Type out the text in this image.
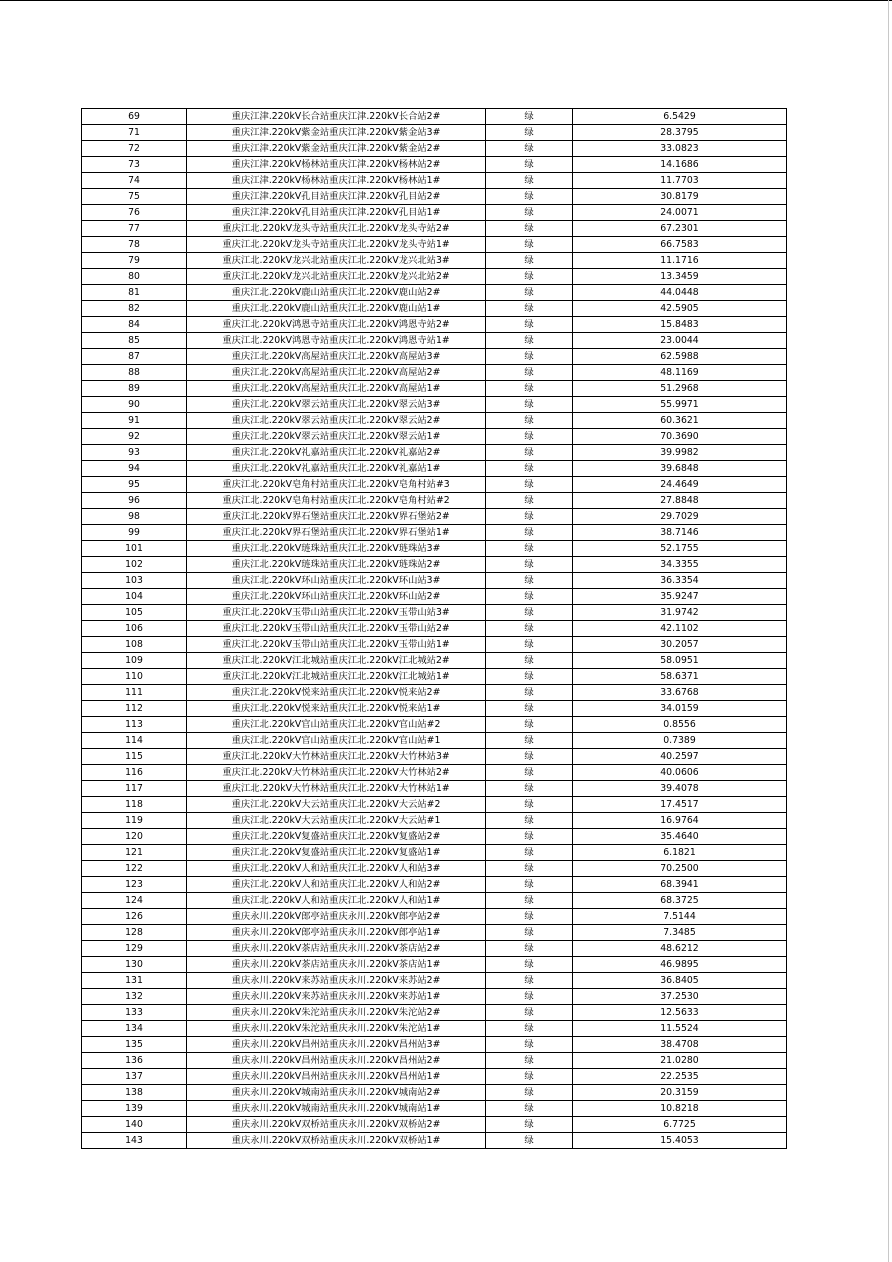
69	重庆江津.220kV长合站重庆江津.220kV长合站2#	绿	6.5429
71	重庆江津.220kV紫金站重庆江津.220kV紫金站3#	绿	28.3795
72	重庆江津.220kV紫金站重庆江津.220kV紫金站2#	绿	33.0823
73	重庆江津.220kV杨林站重庆江津.220kV杨林站2#	绿	14.1686
74	重庆江津.220kV杨林站重庆江津.220kV杨林站1#	绿	11.7703
75	重庆江津.220kV孔目站重庆江津.220kV孔目站2#	绿	30.8179
76	重庆江津.220kV孔目站重庆江津.220kV孔目站1#	绿	24.0071
77	重庆江北.220kV龙头寺站重庆江北.220kV龙头寺站2#	绿	67.2301
78	重庆江北.220kV龙头寺站重庆江北.220kV龙头寺站1#	绿	66.7583
79	重庆江北.220kV龙兴北站重庆江北.220kV龙兴北站3#	绿	11.1716
80	重庆江北.220kV龙兴北站重庆江北.220kV龙兴北站2#	绿	13.3459
81	重庆江北.220kV鹿山站重庆江北.220kV鹿山站2#	绿	44.0448
82	重庆江北.220kV鹿山站重庆江北.220kV鹿山站1#	绿	42.5905
84	重庆江北.220kV鸿恩寺站重庆江北.220kV鸿恩寺站2#	绿	15.8483
85	重庆江北.220kV鸿恩寺站重庆江北.220kV鸿恩寺站1#	绿	23.0044
87	重庆江北.220kV高屋站重庆江北.220kV高屋站3#	绿	62.5988
88	重庆江北.220kV高屋站重庆江北.220kV高屋站2#	绿	48.1169
89	重庆江北.220kV高屋站重庆江北.220kV高屋站1#	绿	51.2968
90	重庆江北.220kV翠云站重庆江北.220kV翠云站3#	绿	55.9971
91	重庆江北.220kV翠云站重庆江北.220kV翠云站2#	绿	60.3621
92	重庆江北.220kV翠云站重庆江北.220kV翠云站1#	绿	70.3690
93	重庆江北.220kV礼嘉站重庆江北.220kV礼嘉站2#	绿	39.9982
94	重庆江北.220kV礼嘉站重庆江北.220kV礼嘉站1#	绿	39.6848
95	重庆江北.220kV皂角村站重庆江北.220kV皂角村站#3	绿	24.4649
96	重庆江北.220kV皂角村站重庆江北.220kV皂角村站#2	绿	27.8848
98	重庆江北.220kV界石堡站重庆江北.220kV界石堡站2#	绿	29.7029
99	重庆江北.220kV界石堡站重庆江北.220kV界石堡站1#	绿	38.7146
101	重庆江北.220kV琏珠站重庆江北.220kV琏珠站3#	绿	52.1755
102	重庆江北.220kV琏珠站重庆江北.220kV琏珠站2#	绿	34.3355
103	重庆江北.220kV环山站重庆江北.220kV环山站3#	绿	36.3354
104	重庆江北.220kV环山站重庆江北.220kV环山站2#	绿	35.9247
105	重庆江北.220kV玉带山站重庆江北.220kV玉带山站3#	绿	31.9742
106	重庆江北.220kV玉带山站重庆江北.220kV玉带山站2#	绿	42.1102
108	重庆江北.220kV玉带山站重庆江北.220kV玉带山站1#	绿	30.2057
109	重庆江北.220kV江北城站重庆江北.220kV江北城站2#	绿	58.0951
110	重庆江北.220kV江北城站重庆江北.220kV江北城站1#	绿	58.6371
111	重庆江北.220kV悦来站重庆江北.220kV悦来站2#	绿	33.6768
112	重庆江北.220kV悦来站重庆江北.220kV悦来站1#	绿	34.0159
113	重庆江北.220kV官山站重庆江北.220kV官山站#2	绿	0.8556
114	重庆江北.220kV官山站重庆江北.220kV官山站#1	绿	0.7389
115	重庆江北.220kV大竹林站重庆江北.220kV大竹林站3#	绿	40.2597
116	重庆江北.220kV大竹林站重庆江北.220kV大竹林站2#	绿	40.0606
117	重庆江北.220kV大竹林站重庆江北.220kV大竹林站1#	绿	39.4078
118	重庆江北.220kV大云站重庆江北.220kV大云站#2	绿	17.4517
119	重庆江北.220kV大云站重庆江北.220kV大云站#1	绿	16.9764
120	重庆江北.220kV复盛站重庆江北.220kV复盛站2#	绿	35.4640
121	重庆江北.220kV复盛站重庆江北.220kV复盛站1#	绿	6.1821
122	重庆江北.220kV人和站重庆江北.220kV人和站3#	绿	70.2500
123	重庆江北.220kV人和站重庆江北.220kV人和站2#	绿	68.3941
124	重庆江北.220kV人和站重庆江北.220kV人和站1#	绿	68.3725
126	重庆永川.220kV郎亭站重庆永川.220kV郎亭站2#	绿	7.5144
128	重庆永川.220kV郎亭站重庆永川.220kV郎亭站1#	绿	7.3485
129	重庆永川.220kV茶店站重庆永川.220kV茶店站2#	绿	48.6212
130	重庆永川.220kV茶店站重庆永川.220kV茶店站1#	绿	46.9895
131	重庆永川.220kV来苏站重庆永川.220kV来苏站2#	绿	36.8405
132	重庆永川.220kV来苏站重庆永川.220kV来苏站1#	绿	37.2530
133	重庆永川.220kV朱沱站重庆永川.220kV朱沱站2#	绿	12.5633
134	重庆永川.220kV朱沱站重庆永川.220kV朱沱站1#	绿	11.5524
135	重庆永川.220kV昌州站重庆永川.220kV昌州站3#	绿	38.4708
136	重庆永川.220kV昌州站重庆永川.220kV昌州站2#	绿	21.0280
137	重庆永川.220kV昌州站重庆永川.220kV昌州站1#	绿	22.2535
138	重庆永川.220kV城南站重庆永川.220kV城南站2#	绿	20.3159
139	重庆永川.220kV城南站重庆永川.220kV城南站1#	绿	10.8218
140	重庆永川.220kV双桥站重庆永川.220kV双桥站2#	绿	6.7725
143	重庆永川.220kV双桥站重庆永川.220kV双桥站1#	绿	15.4053
